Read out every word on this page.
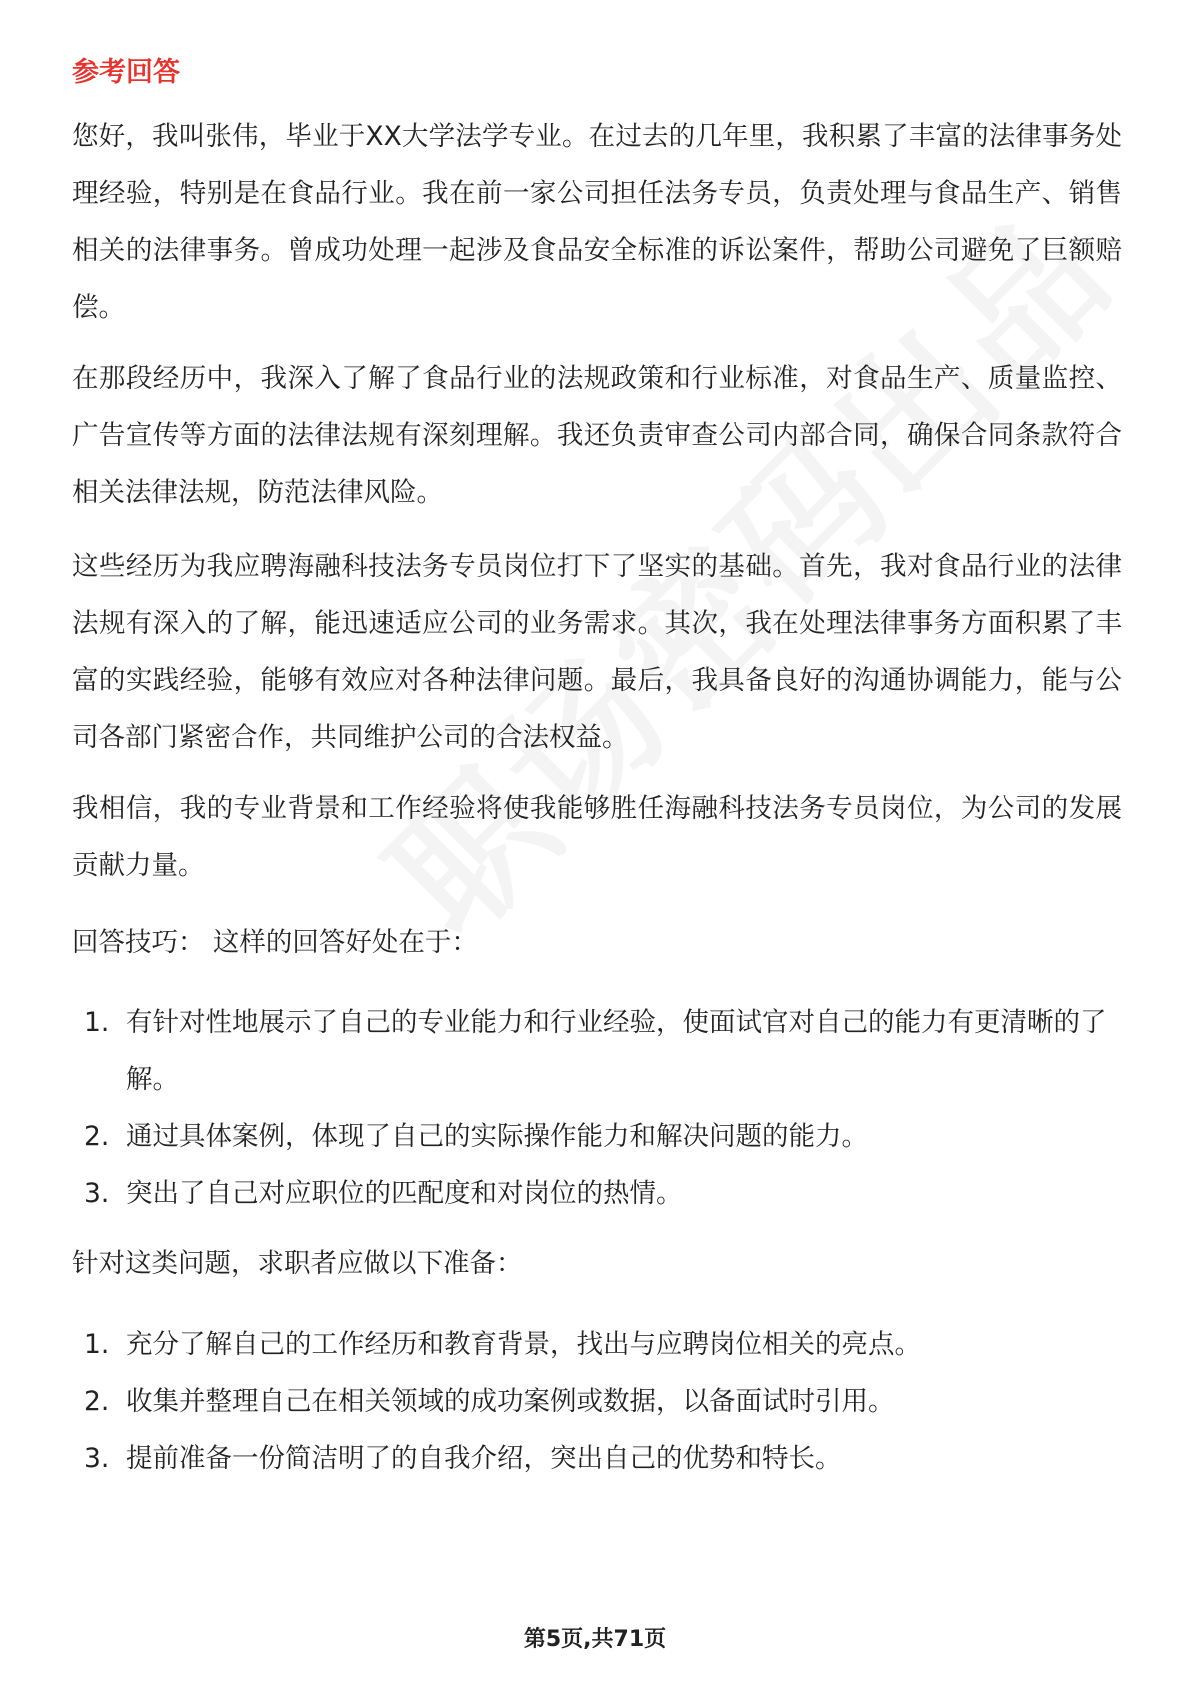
参考回答

您好，我叫张伟，毕业于XX大学法学专业。在过去的几年里，我积累了丰富的法律事务处理经验，特别是在食品行业。我在前一家公司担任法务专员，负责处理与食品生产、销售相关的法律事务。曾成功处理一起涉及食品安全标准的诉讼案件，帮助公司避免了巨额赔偿。

在那段经历中，我深入了解了食品行业的法规政策和行业标准，对食品生产、质量监控、广告宣传等方面的法律法规有深刻理解。我还负责审查公司内部合同，确保合同条款符合相关法律法规，防范法律风险。

这些经历为我应聘海融科技法务专员岗位打下了坚实的基础。首先，我对食品行业的法律法规有深入的了解，能迅速适应公司的业务需求。其次，我在处理法律事务方面积累了丰富的实践经验，能够有效应对各种法律问题。最后，我具备良好的沟通协调能力，能与公司各部门紧密合作，共同维护公司的合法权益。

我相信，我的专业背景和工作经验将使我能够胜任海融科技法务专员岗位，为公司的发展贡献力量。

回答技巧： 这样的回答好处在于：

1. 有针对性地展示了自己的专业能力和行业经验，使面试官对自己的能力有更清晰的了解。
2. 通过具体案例，体现了自己的实际操作能力和解决问题的能力。
3. 突出了自己对应职位的匹配度和对岗位的热情。

针对这类问题，求职者应做以下准备：

1. 充分了解自己的工作经历和教育背景，找出与应聘岗位相关的亮点。
2. 收集并整理自己在相关领域的成功案例或数据，以备面试时引用。
3. 提前准备一份简洁明了的自我介绍，突出自己的优势和特长。
第5页,共71页
